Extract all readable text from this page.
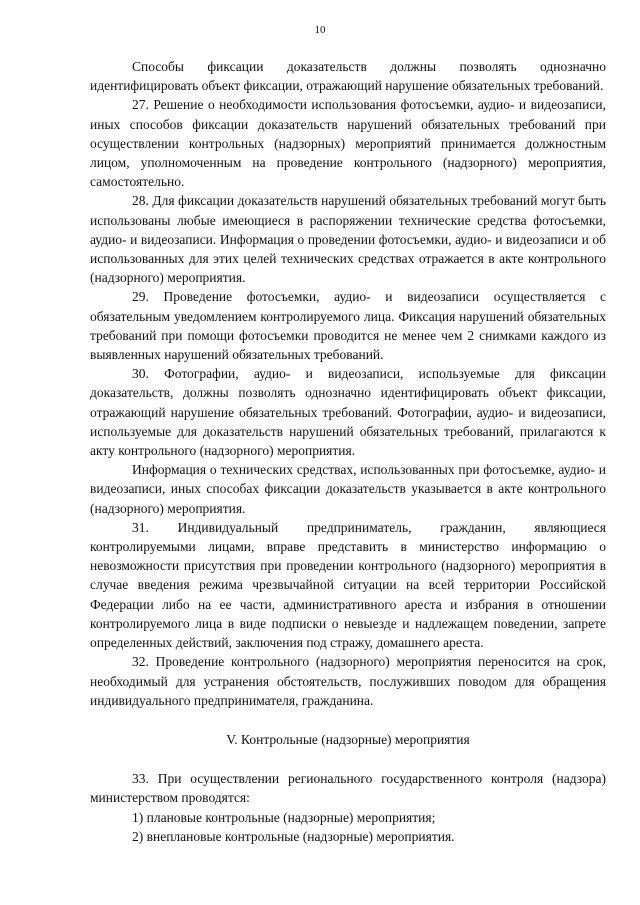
10

Способы фиксации доказательств должны позволять однозначно идентифицировать объект фиксации, отражающий нарушение обязательных требований.

27. Решение о необходимости использования фотосъемки, аудио- и видеозаписи, иных способов фиксации доказательств нарушений обязательных требований при осуществлении контрольных (надзорных) мероприятий принимается должностным лицом, уполномоченным на проведение контрольного (надзорного) мероприятия, самостоятельно.

28. Для фиксации доказательств нарушений обязательных требований могут быть использованы любые имеющиеся в распоряжении технические средства фотосъемки, аудио- и видеозаписи. Информация о проведении фотосъемки, аудио- и видеозаписи и об использованных для этих целей технических средствах отражается в акте контрольного (надзорного) мероприятия.

29. Проведение фотосъемки, аудио- и видеозаписи осуществляется с обязательным уведомлением контролируемого лица. Фиксация нарушений обязательных требований при помощи фотосъемки проводится не менее чем 2 снимками каждого из выявленных нарушений обязательных требований.

30. Фотографии, аудио- и видеозаписи, используемые для фиксации доказательств, должны позволять однозначно идентифицировать объект фиксации, отражающий нарушение обязательных требований. Фотографии, аудио- и видеозаписи, используемые для доказательств нарушений обязательных требований, прилагаются к акту контрольного (надзорного) мероприятия.

Информация о технических средствах, использованных при фотосъемке, аудио- и видеозаписи, иных способах фиксации доказательств указывается в акте контрольного (надзорного) мероприятия.

31. Индивидуальный предприниматель, гражданин, являющиеся контролируемыми лицами, вправе представить в министерство информацию о невозможности присутствия при проведении контрольного (надзорного) мероприятия в случае введения режима чрезвычайной ситуации на всей территории Российской Федерации либо на ее части, административного ареста и избрания в отношении контролируемого лица в виде подписки о невыезде и надлежащем поведении, запрете определенных действий, заключения под стражу, домашнего ареста.

32. Проведение контрольного (надзорного) мероприятия переносится на срок, необходимый для устранения обстоятельств, послуживших поводом для обращения индивидуального предпринимателя, гражданина.

V. Контрольные (надзорные) мероприятия

33. При осуществлении регионального государственного контроля (надзора) министерством проводятся:

1) плановые контрольные (надзорные) мероприятия;

2) внеплановые контрольные (надзорные) мероприятия.
